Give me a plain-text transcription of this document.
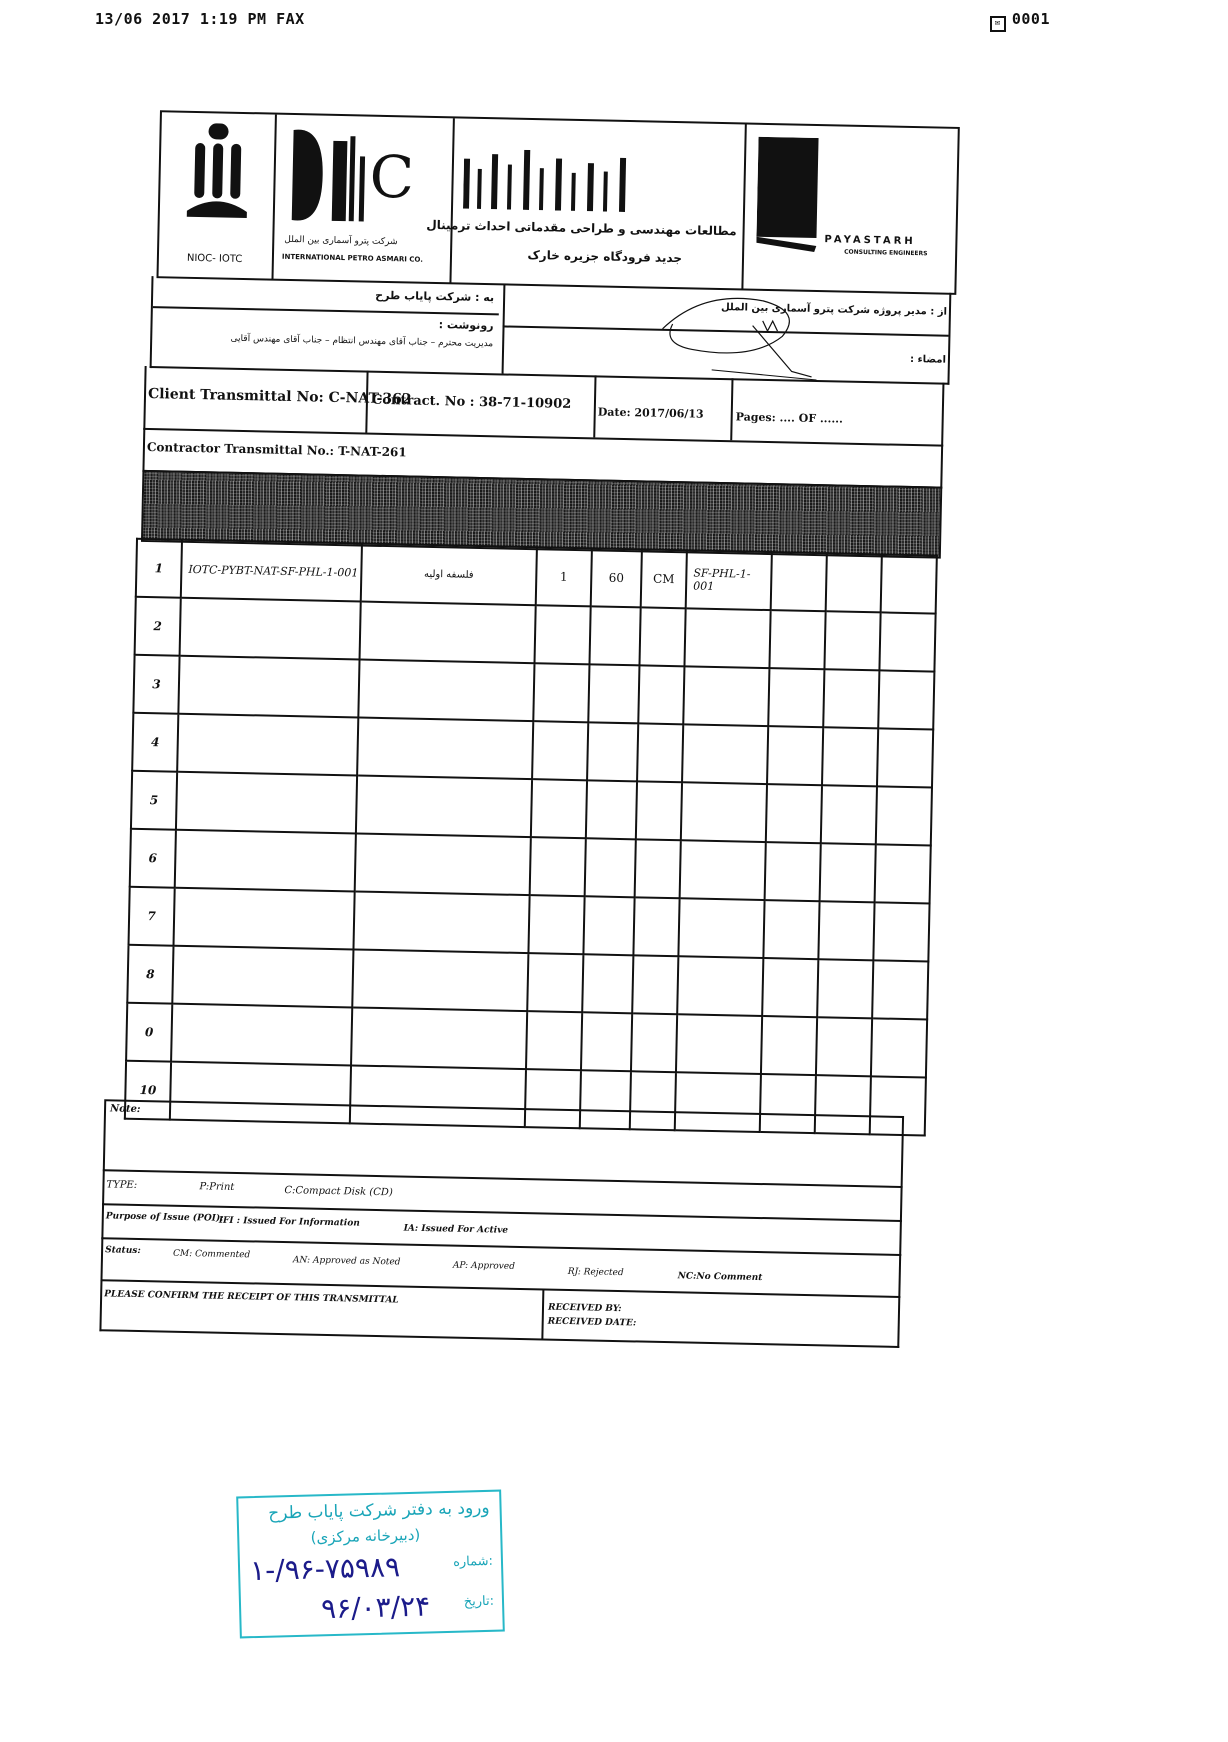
13/06 2017 1:19 PM FAX	✉ 0001
NIOC- IOTC
C
شرکت پترو آسماری بین الملل
INTERNATIONAL PETRO ASMARI CO.
مطالعات مهندسی و طراحی مقدماتی احداث ترمینال
جدید فرودگاه جزیره خارک
PAYASTARH
CONSULTING ENGINEERS
به : شرکت پایاب طرح
رونوشت :
مدیریت محترم – جناب آقای مهندس انتظام – جناب آقای مهندس آقایی
از : مدیر پروژه شرکت پترو آسماری بین الملل
امضاء :
Client Transmittal No: C-NAT-362
Contract. No : 38-71-10902
Date: 2017/06/13	Pages: .... OF ......
Contractor Transmittal No.: T-NAT-261
1	IOTC-PYBT-NAT-SF-PHL-1-001	فلسفه اولیه	1	60	CM	SF-PHL-1-001			
2									
3									
4									
5									
6									
7									
8									
0									
10									
Note:
TYPE:	P:Print	C:Compact Disk (CD)
Purpose of Issue (POI):
IFI : Issued For Information
IA: Issued For Active
Status:	CM: Commented
AN: Approved as Noted	AP: Approved
RJ: Rejected	NC:No Comment
PLEASE CONFIRM THE RECEIPT OF THIS TRANSMITTAL
RECEIVED BY:
RECEIVED DATE:
ورود به دفتر شرکت پایاب طرح
(دبیرخانه مرکزی)
شماره:
تاریخ:
۱-/۹۶-۷۵۹۸۹
۹۶/۰۳/۲۴
